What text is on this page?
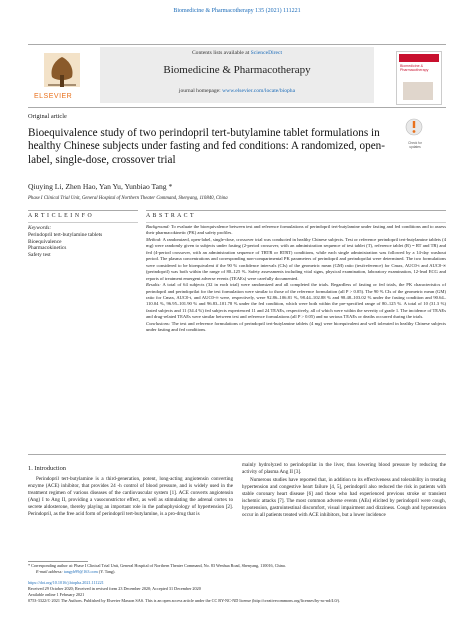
Biomedicine & Pharmacotherapy 135 (2021) 111221
ELSEVIER
Contents lists available at ScienceDirect
Biomedicine & Pharmacotherapy
journal homepage: www.elsevier.com/locate/biopha
Biomedicine & Pharmacotherapy
Original article
Check for updates
Bioequivalence study of two perindopril tert-butylamine tablet formulations in healthy Chinese subjects under fasting and fed conditions: A randomized, open-label, single-dose, crossover trial
Qiuying Li, Zhen Hao, Yan Yu, Yunbiao Tang *
Phase I Clinical Trial Unit, General Hospital of Northern Theater Command, Shenyang, 110840, China
A R T I C L E I N F O
Keywords:
Perindopril tert-butylamine tablets
Bioequivalence
Pharmacokinetics
Safety test
A B S T R A C T

Background: To evaluate the bioequivalence between test and reference formulations of perindopril tert-butylamine under fasting and fed conditions and to assess their pharmacokinetic (PK) and safety profiles.

Method: A randomized, open-label, single-dose, crossover trial was conducted in healthy Chinese subjects. Test or reference perindopril tert-butylamine tablets (4 mg) were randomly given to subjects under fasting (2-period crossover, with an administration sequence of test tablet (T), reference tablet (R) = RT and TR) and fed (4-period crossover, with an administration sequence of TRTR or RTRT) conditions, while each single administration was followed by a 14-day washout period. The plasma concentrations and corresponding non-compartmental PK parameters of perindopril and perindoprilat were determined. The two formulations were considered to be bioequivalent if the 90 % confidence intervals (CIs) of the geometric mean (GM) ratio (test/reference) for Cmax, AUC0-t and AUC0-∞ (perindopril) was both within the range of 80–125 %. Safety assessments including vital signs, physical examination, laboratory examination, 12-lead ECG and reports of treatment emergent adverse events (TEAEs) were carefully documented.

Results: A total of 64 subjects (32 in each trial) were randomized and all completed the trials. Regardless of fasting or fed trials, the PK characteristics of perindopril and perindoprilat for the test formulation were similar to those of the reference formulation (all P > 0.05). The 90 % CIs of the geometric mean (GM) ratio for Cmax, AUC0-t, and AUC0-∞ were, respectively, were 92.86–106.81 %, 98.44–102.88 % and 98.48–103.02 % under the fasting condition and 90.64–110.04 %, 96.95–101.90 % and 96.83–101.78 % under the fed condition, which were both within the pre-specified range of 80–125 %. A total of 10 (31.3 %) fasted subjects and 11 (34.4 %) fed subjects experienced 11 and 24 TEAEs, respectively, all of which were within the severity of grade 1. The incidence of TEAEs and drug-related TEAEs were similar between test and reference formulations (all P > 0.05) and no serious TEAEs or deaths occurred during the trials.

Conclusions: The test and reference formulations of perindopril tert-butylamine tablets (4 mg) were bioequivalent and well tolerated in healthy Chinese subjects under fasting and fed conditions.

1. Introduction
Perindopril tert-butylamine is a third-generation, potent, long-acting angiotensin converting enzyme (ACE) inhibitor, that provides 24 -h control of blood pressure, and is widely used in the treatment regimen of various diseases of the cardiovascular system [1]. ACE converts angiotensin (Ang) I to Ang II, providing a vasoconstrictor effect, as well as stimulating the adrenal cortex to secrete aldosterone, thereby playing an important role in the pathophysiology of hypertension [2]. Perindopril, as the free acid form of perindopril tert-butylamine, is a pro-drug that is
mainly hydrolyzed to perindoprilat in the liver, thus lowering blood pressure by reducing the activity of plasma Ang II [3].
Numerous studies have reported that, in addition to its effectiveness and tolerability in treating hypertension and congestive heart failure [4, 5], perindopril also reduced the risk in patients with stable coronary heart disease [6] and those who had experienced previous stroke or transient ischemic attacks [7]. The most common adverse events (AEs) elicited by perindopril were cough, hypotension, gastrointestinal discomfort, visual impairment and dizziness. Cough and hypotension occur in all patients treated with ACE inhibitors, but a lower incidence
* Corresponding author at: Phase I Clinical Trial Unit, General Hospital of Northern Theater Command, No. 83 Wenhua Road, Shenyang, 110016, China.
E-mail address: tangyb99@163.com (Y. Tang).
https://doi.org/10.1016/j.biopha.2021.111221
Received 29 October 2020; Received in revised form 23 December 2020; Accepted 31 December 2020
Available online 1 February 2021
0753-3322/© 2021 The Authors. Published by Elsevier Masson SAS. This is an open access article under the CC BY-NC-ND license (http://creativecommons.org/licenses/by-nc-nd/4.0/).
